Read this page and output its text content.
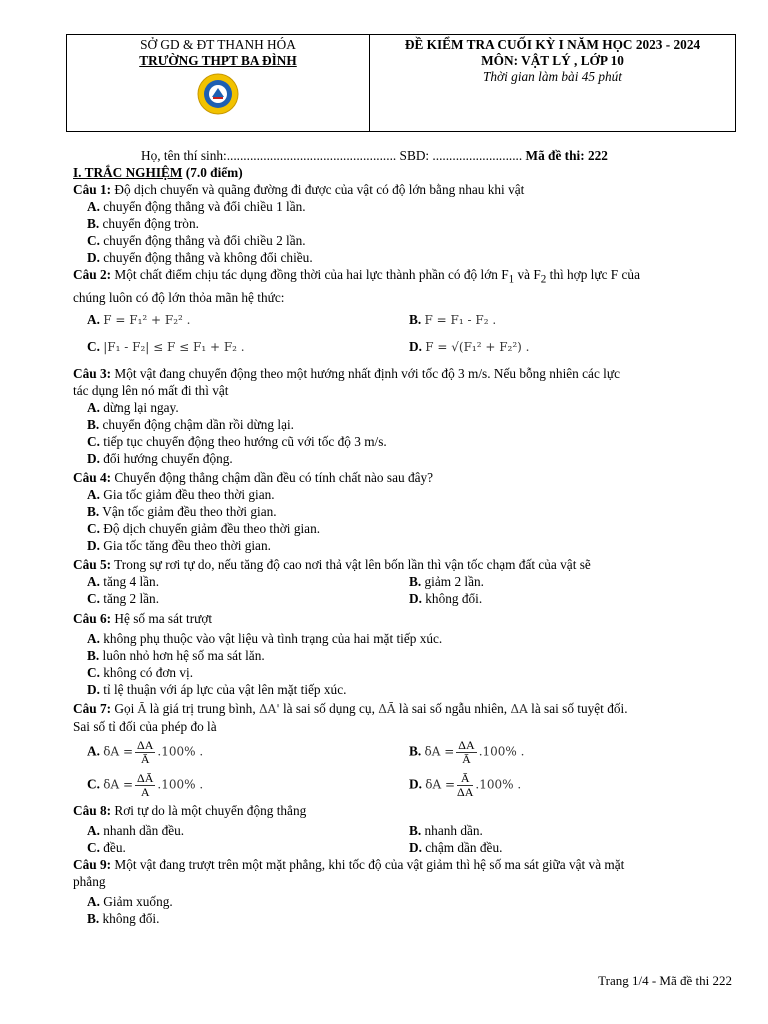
SỞ GD & ĐT THANH HÓA
TRƯỜNG THPT BA ĐÌNH
ĐỀ KIỂM TRA CUỐI KỲ I NĂM HỌC 2023 - 2024
MÔN: VẬT LÝ , LỚP 10
Thời gian làm bài 45 phút
Họ, tên thí sinh:................................................... SBD: ........................... Mã đề thi: 222
I. TRẮC NGHIỆM (7.0 điểm)
Câu 1: Độ dịch chuyển và quãng đường đi được của vật có độ lớn bằng nhau khi vật
A. chuyển động thẳng và đổi chiều 1 lần.
B. chuyển động tròn.
C. chuyển động thẳng và đổi chiều 2 lần.
D. chuyển động thẳng và không đổi chiều.
Câu 2: Một chất điểm chịu tác dụng đồng thời của hai lực thành phần có độ lớn $F_1$ và $F_2$ thì hợp lực F của
chúng luôn có độ lớn thỏa mãn hệ thức:
A. F = F₁² + F₂² .	B. F = F₁ - F₂ .
C. |F₁ - F₂| ≤ F ≤ F₁ + F₂ .	D. F = √(F₁² + F₂²) .
Câu 3: Một vật đang chuyển động theo một hướng nhất định với tốc độ 3 m/s. Nếu bỗng nhiên các lực
tác dụng lên nó mất đi thì vật
A. dừng lại ngay.
B. chuyển động chậm dần rồi dừng lại.
C. tiếp tục chuyển động theo hướng cũ với tốc độ 3 m/s.
D. đổi hướng chuyển động.
Câu 4: Chuyển động thẳng chậm dần đều có tính chất nào sau đây?
A. Gia tốc giảm đều theo thời gian.
B. Vận tốc giảm đều theo thời gian.
C. Độ dịch chuyển giảm đều theo thời gian.
D. Gia tốc tăng đều theo thời gian.
Câu 5: Trong sự rơi tự do, nếu tăng độ cao nơi thả vật lên bốn lần thì vận tốc chạm đất của vật sẽ
A. tăng 4 lần.	B. giảm 2 lần.
C. tăng 2 lần.	D. không đổi.
Câu 6: Hệ số ma sát trượt
A. không phụ thuộc vào vật liệu và tình trạng của hai mặt tiếp xúc.
B. luôn nhỏ hơn hệ số ma sát lăn.
C. không có đơn vị.
D. tỉ lệ thuận với áp lực của vật lên mặt tiếp xúc.
Câu 7: Gọi Ā là giá trị trung bình, ΔA' là sai số dụng cụ, ΔĀ là sai số ngẫu nhiên, ΔA là sai số tuyệt đối.
Sai số tỉ đối của phép đo là
A. $\delta A = \frac{\Delta A}{Ā} .100\%$ .	B. $\delta A = \frac{\Delta A}{Ā} .100\%$ .
C. $\delta A = \frac{\Delta Ā}{A} .100\%$ .	D. $\delta A = \frac{Ā}{\Delta A} .100\%$ .
Câu 8: Rơi tự do là một chuyển động thẳng
A. nhanh dần đều.	B. nhanh dần.
C. đều.	D. chậm dần đều.
Câu 9: Một vật đang trượt trên một mặt phẳng, khi tốc độ của vật giảm thì hệ số ma sát giữa vật và mặt
phẳng
A. Giảm xuống.
B. không đổi.
Trang 1/4 - Mã đề thi 222
